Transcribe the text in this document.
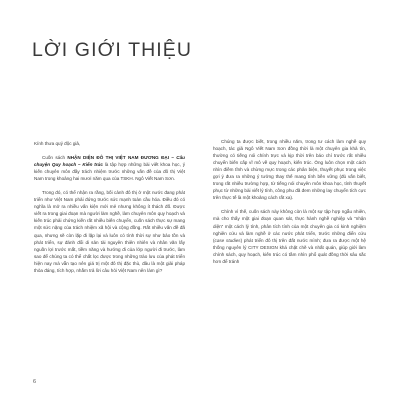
LỜI GIỚI THIỆU

Kính thưa quý độc giả,

Cuốn sách NHẬN DIỆN ĐÔ THỊ VIỆT NAM ĐƯƠNG ĐẠI – Câu chuyện Quy hoạch – Kiến trúc là tập hợp những bài viết khoa học, ý kiến chuyên môn đầy trách nhiệm trước những vấn đề của đô thị Việt Nam trong khoảng hai mươi năm qua của TSKH. Ngô Viết Nam Sơn.

Trong đó, có thể nhận ra rằng, bối cảnh đô thị ở một nước đang phát triển như Việt Nam phải đứng trước sức mạnh toàn cầu hóa. Điều đó có nghĩa là mở ra nhiều vấn kiện mới mẻ nhưng không ít thách đố. Được viết ra trong giai đoạn mà người làm nghề, làm chuyên môn quy hoạch và kiến trúc phải chứng kiến rất nhiều biến chuyển, cuốn sách thực sự mang một sức nặng của trách nhiệm xã hội và cộng đồng. Rất nhiều vấn đề đã qua, nhưng sẽ còn lặp đi lặp lại và luôn có tính thời sự như bảo tồn và phát triển, sự đánh đổi di sản tài nguyên thiên nhiên và nhân văn lấy nguồn lợi trước mắt, tiềm năng và hướng đi của lớp người đi trước, làm sao để chúng ta có thể chắt lọc được trong những trào lưu của phát triển hiện nay mà vẫn tạo nên giá trị một đô thị đặc thù, đâu là một giải pháp thỏa đáng, tích hợp, nhằm trả lời câu hỏi Việt Nam nên làm gì?

Chúng ta được biết, trong nhiều năm, trong tư cách làm nghề quy hoạch, tác giả Ngô Viết Nam Sơn đồng thời là một chuyên gia khả tín, thường có tiếng nói chính trực và kịp thời trên báo chí trước rất nhiều chuyển biến cấp vĩ mô về quy hoạch, kiến trúc. Ông luôn chọn một cách nhìn điềm tĩnh và chừng mực trong các phân biện, thuyết phục trong việc gợi ý đưa ra những ý tưởng thay thế mang tính bền vững (đủ vấn biết, trong rất nhiều trường hợp, từ tiếng nói chuyên môn khoa học, tính thuyết phục từ những bài viết lý tính, công phu đã đem những lay chuyển tích cực trên thực tế là một khoảng cách rất xa).

Chính vì thế, cuốn sách này không còn là một sự tập hợp ngẫu nhiên, mà cho thấy một giai đoạn quan sát, thực hành nghề nghiệp và “nhận diện” một cách lý tính, phân tích tính của một chuyên gia có kinh nghiệm nghiên cứu và làm nghề ở các nước phát triển, trước những điển cứu (case studies) phát triển đô thị trên đất nước mình; đưa ra được một hệ thống nguyên lý CITY DESIGN khá chặt chẽ và nhất quán, giúp giới làm chính sách, quy hoạch, kiến trúc có tầm nhìn phổ quát đồng thời sâu sắc hơn để tránh

6
